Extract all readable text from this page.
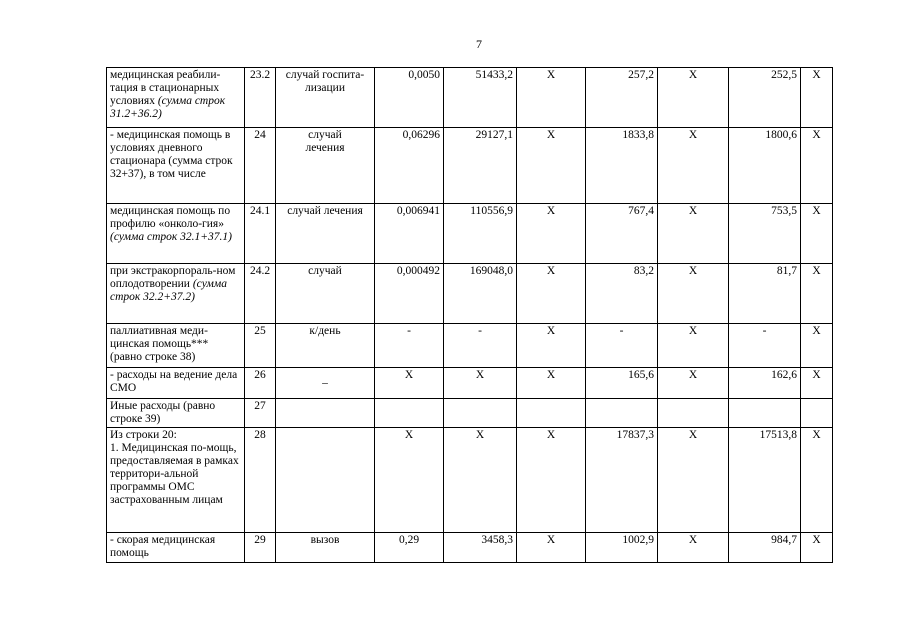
7
медицинская реабили-
тация в стационарных
условиях (сумма строк 31.2+36.2)	23.2	случай госпита-лизации	0,0050	51433,2	X	257,2	X	252,5	X
- медицинская помощь в условиях дневного стационара (сумма строк 32+37), в том числе	24	случай лечения	0,06296	29127,1	X	1833,8	X	1800,6	X
медицинская помощь по профилю «онколо-гия» (сумма строк 32.1+37.1)	24.1	случай лечения	0,006941	110556,9	X	767,4	X	753,5	X
при экстракорпораль-ном оплодотворении (сумма строк 32.2+37.2)	24.2	случай	0,000492	169048,0	X	83,2	X	81,7	X
паллиативная меди-цинская помощь*** (равно строке 38)	25	к/день	-	-	X	-	X	-	X
- расходы на ведение дела СМО	26	–	X	X	X	165,6	X	162,6	X
Иные расходы (равно строке 39)	27								
Из строки 20:
1. Медицинская по-мощь, предоставляемая в рамках территори-альной программы ОМС застрахованным лицам	28		X	X	X	17837,3	X	17513,8	X
- скорая медицинская помощь	29	вызов	0,29	3458,3	X	1002,9	X	984,7	X
